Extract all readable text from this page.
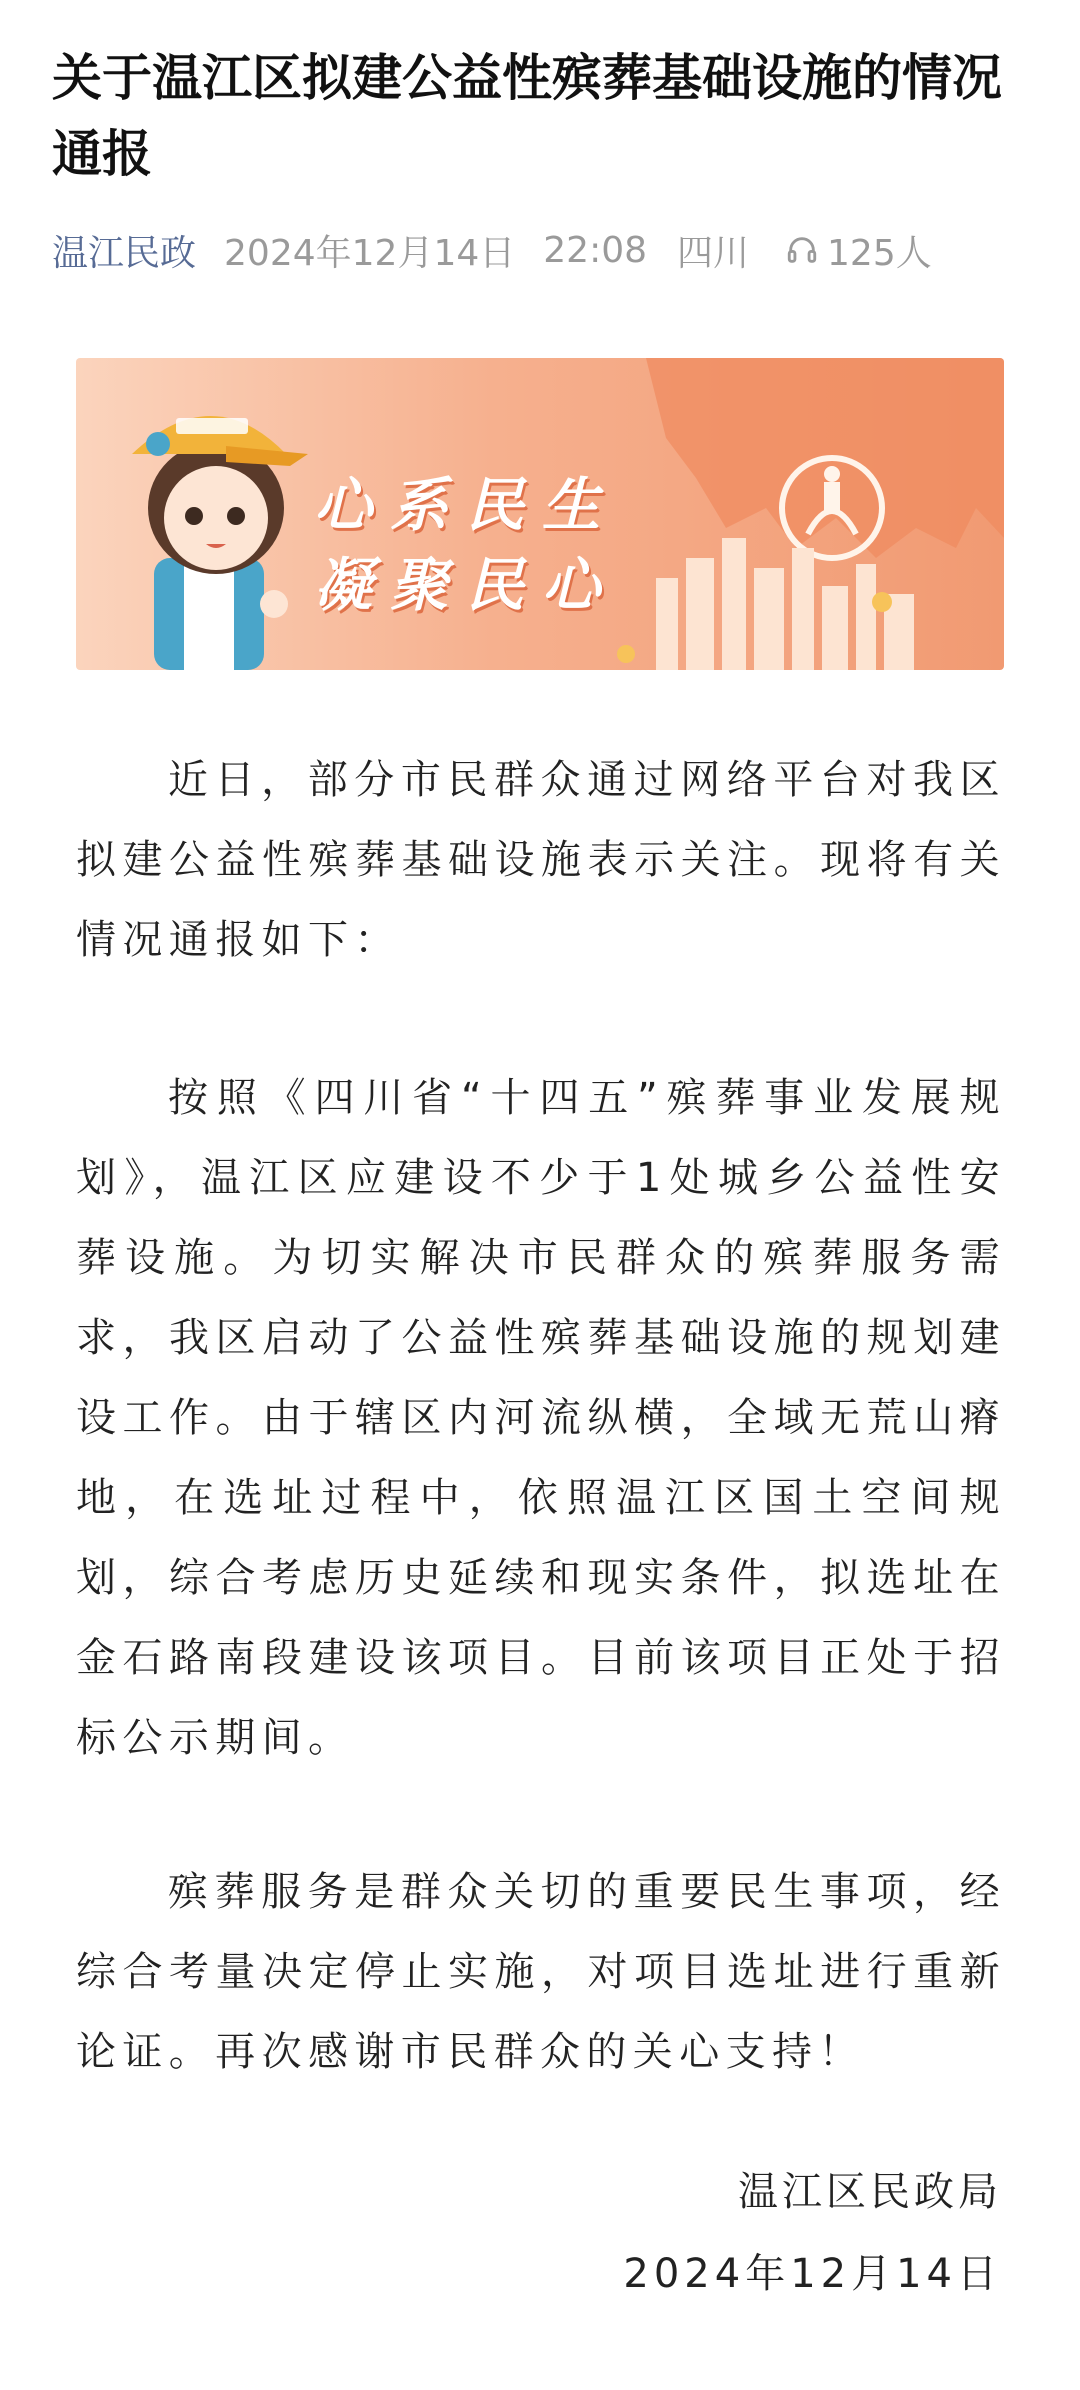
关于温江区拟建公益性殡葬基础设施的情况通报
温江民政 2024年12月14日 22:08 四川 125人
心系民生
凝聚民心

近日，部分市民群众通过网络平台对我区拟建公益性殡葬基础设施表示关注。现将有关情况通报如下：

按照《四川省“十四五”殡葬事业发展规划》，温江区应建设不少于1处城乡公益性安葬设施。为切实解决市民群众的殡葬服务需求，我区启动了公益性殡葬基础设施的规划建设工作。由于辖区内河流纵横，全域无荒山瘠地，在选址过程中，依照温江区国土空间规划，综合考虑历史延续和现实条件，拟选址在金石路南段建设该项目。目前该项目正处于招标公示期间。

殡葬服务是群众关切的重要民生事项，经综合考量决定停止实施，对项目选址进行重新论证。再次感谢市民群众的关心支持！

温江区民政局
2024年12月14日
